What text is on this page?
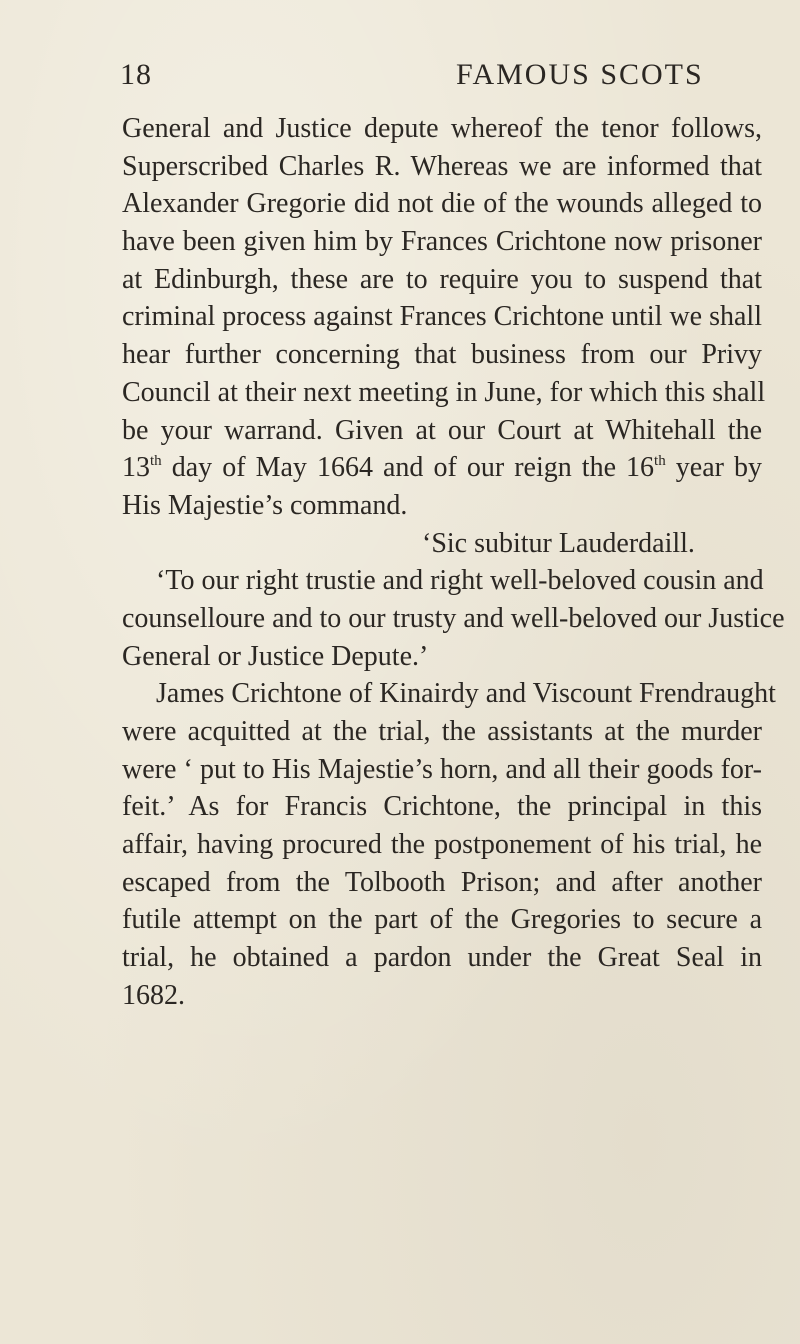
18	FAMOUS SCOTS
General and Justice depute whereof the tenor follows,
Superscribed Charles R. Whereas we are informed that
Alexander Gregorie did not die of the wounds alleged to
have been given him by Frances Crichtone now prisoner
at Edinburgh, these are to require you to suspend that
criminal process against Frances Crichtone until we shall
hear further concerning that business from our Privy
Council at their next meeting in June, for which this shall
be your warrand. Given at our Court at Whitehall the
13th day of May 1664 and of our reign the 16th year by
His Majestie’s command.
‘Sic subitur Lauderdaill.
‘To our right trustie and right well-beloved cousin and
counselloure and to our trusty and well-beloved our Justice
General or Justice Depute.’
James Crichtone of Kinairdy and Viscount Frendraught
were acquitted at the trial, the assistants at the murder
were ‘ put to His Majestie’s horn, and all their goods for-
feit.’ As for Francis Crichtone, the principal in this
affair, having procured the postponement of his trial, he
escaped from the Tolbooth Prison; and after another
futile attempt on the part of the Gregories to secure a
trial, he obtained a pardon under the Great Seal in
1682.
